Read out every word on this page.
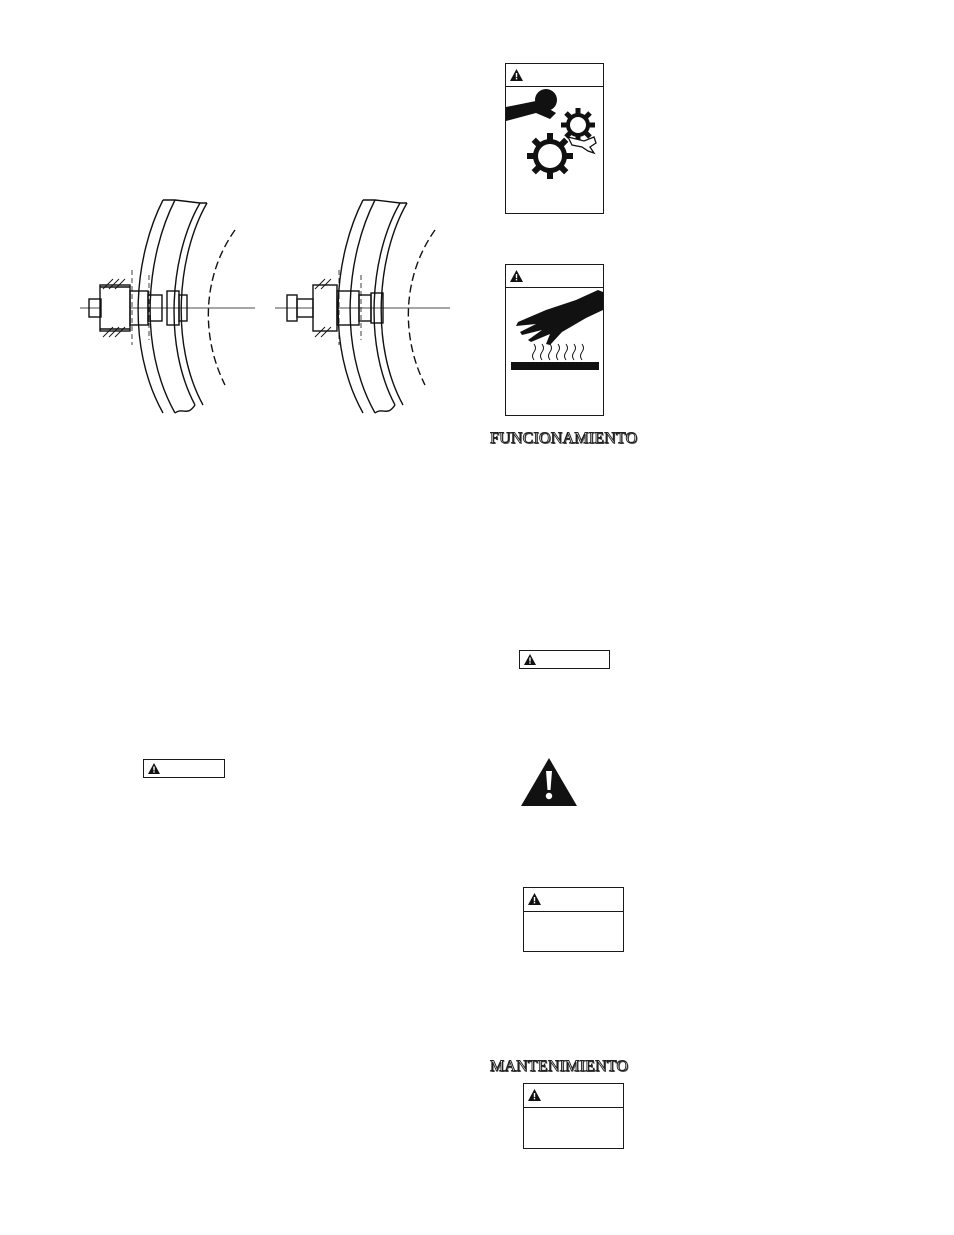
FUNCIONAMIENTO
MANTENIMIENTO
